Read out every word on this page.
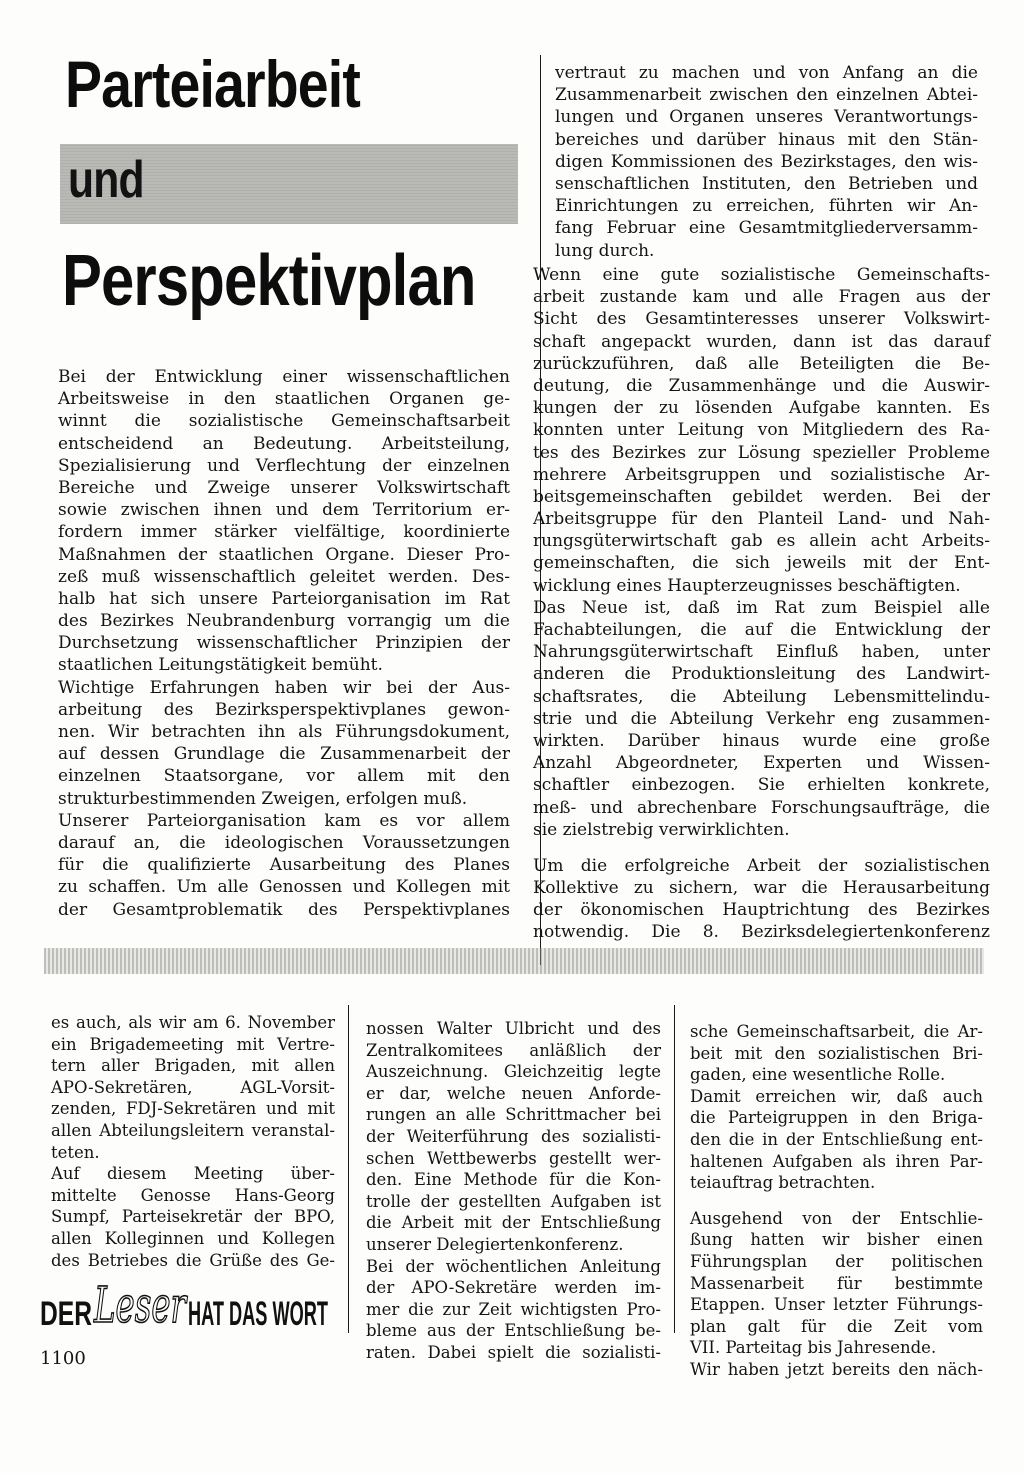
Parteiarbeit
und
Perspektivplan
Bei der Entwicklung einer wissenschaftlichen
Arbeitsweise in den staatlichen Organen ge-
winnt die sozialistische Gemeinschaftsarbeit
entscheidend an Bedeutung. Arbeitsteilung,
Spezialisierung und Verflechtung der einzelnen
Bereiche und Zweige unserer Volkswirtschaft
sowie zwischen ihnen und dem Territorium er-
fordern immer stärker vielfältige, koordinierte
Maßnahmen der staatlichen Organe. Dieser Pro-
zeß muß wissenschaftlich geleitet werden. Des-
halb hat sich unsere Parteiorganisation im Rat
des Bezirkes Neubrandenburg vorrangig um die
Durchsetzung wissenschaftlicher Prinzipien der
staatlichen Leitungstätigkeit bemüht.
Wichtige Erfahrungen haben wir bei der Aus-
arbeitung des Bezirksperspektivplanes gewon-
nen. Wir betrachten ihn als Führungsdokument,
auf dessen Grundlage die Zusammenarbeit der
einzelnen Staatsorgane, vor allem mit den
strukturbestimmenden Zweigen, erfolgen muß.
Unserer Parteiorganisation kam es vor allem
darauf an, die ideologischen Voraussetzungen
für die qualifizierte Ausarbeitung des Planes
zu schaffen. Um alle Genossen und Kollegen mit
der Gesamtproblematik des Perspektivplanes
vertraut zu machen und von Anfang an die
Zusammenarbeit zwischen den einzelnen Abtei-
lungen und Organen unseres Verantwortungs-
bereiches und darüber hinaus mit den Stän-
digen Kommissionen des Bezirkstages, den wis-
senschaftlichen Instituten, den Betrieben und
Einrichtungen zu erreichen, führten wir An-
fang Februar eine Gesamtmitgliederversamm-
lung durch.
Wenn eine gute sozialistische Gemeinschafts-
arbeit zustande kam und alle Fragen aus der
Sicht des Gesamtinteresses unserer Volkswirt-
schaft angepackt wurden, dann ist das darauf
zurückzuführen, daß alle Beteiligten die Be-
deutung, die Zusammenhänge und die Auswir-
kungen der zu lösenden Aufgabe kannten. Es
konnten unter Leitung von Mitgliedern des Ra-
tes des Bezirkes zur Lösung spezieller Probleme
mehrere Arbeitsgruppen und sozialistische Ar-
beitsgemeinschaften gebildet werden. Bei der
Arbeitsgruppe für den Planteil Land- und Nah-
rungsgüterwirtschaft gab es allein acht Arbeits-
gemeinschaften, die sich jeweils mit der Ent-
wicklung eines Haupterzeugnisses beschäftigten.
Das Neue ist, daß im Rat zum Beispiel alle
Fachabteilungen, die auf die Entwicklung der
Nahrungsgüterwirtschaft Einfluß haben, unter
anderen die Produktionsleitung des Landwirt-
schaftsrates, die Abteilung Lebensmittelindu-
strie und die Abteilung Verkehr eng zusammen-
wirkten. Darüber hinaus wurde eine große
Anzahl Abgeordneter, Experten und Wissen-
schaftler einbezogen. Sie erhielten konkrete,
meß- und abrechenbare Forschungsaufträge, die
sie zielstrebig verwirklichten.
Um die erfolgreiche Arbeit der sozialistischen
Kollektive zu sichern, war die Herausarbeitung
der ökonomischen Hauptrichtung des Bezirkes
notwendig. Die 8. Bezirksdelegiertenkonferenz
es auch, als wir am 6. November
ein Brigademeeting mit Vertre-
tern aller Brigaden, mit allen
APO-Sekretären, AGL-Vorsit-
zenden, FDJ-Sekretären und mit
allen Abteilungsleitern veranstal-
teten.
Auf diesem Meeting über-
mittelte Genosse Hans-Georg
Sumpf, Parteisekretär der BPO,
allen Kolleginnen und Kollegen
des Betriebes die Grüße des Ge-
nossen Walter Ulbricht und des
Zentralkomitees anläßlich der
Auszeichnung. Gleichzeitig legte
er dar, welche neuen Anforde-
rungen an alle Schrittmacher bei
der Weiterführung des sozialisti-
schen Wettbewerbs gestellt wer-
den. Eine Methode für die Kon-
trolle der gestellten Aufgaben ist
die Arbeit mit der Entschließung
unserer Delegiertenkonferenz.
Bei der wöchentlichen Anleitung
der APO-Sekretäre werden im-
mer die zur Zeit wichtigsten Pro-
bleme aus der Entschließung be-
raten. Dabei spielt die sozialisti-
sche Gemeinschaftsarbeit, die Ar-
beit mit den sozialistischen Bri-
gaden, eine wesentliche Rolle.
Damit erreichen wir, daß auch
die Parteigruppen in den Briga-
den die in der Entschließung ent-
haltenen Aufgaben als ihren Par-
teiauftrag betrachten.
Ausgehend von der Entschlie-
ßung hatten wir bisher einen
Führungsplan der politischen
Massenarbeit für bestimmte
Etappen. Unser letzter Führungs-
plan galt für die Zeit vom
VII. Parteitag bis Jahresende.
Wir haben jetzt bereits den näch-
DER Leser HAT DAS WORT
1100
